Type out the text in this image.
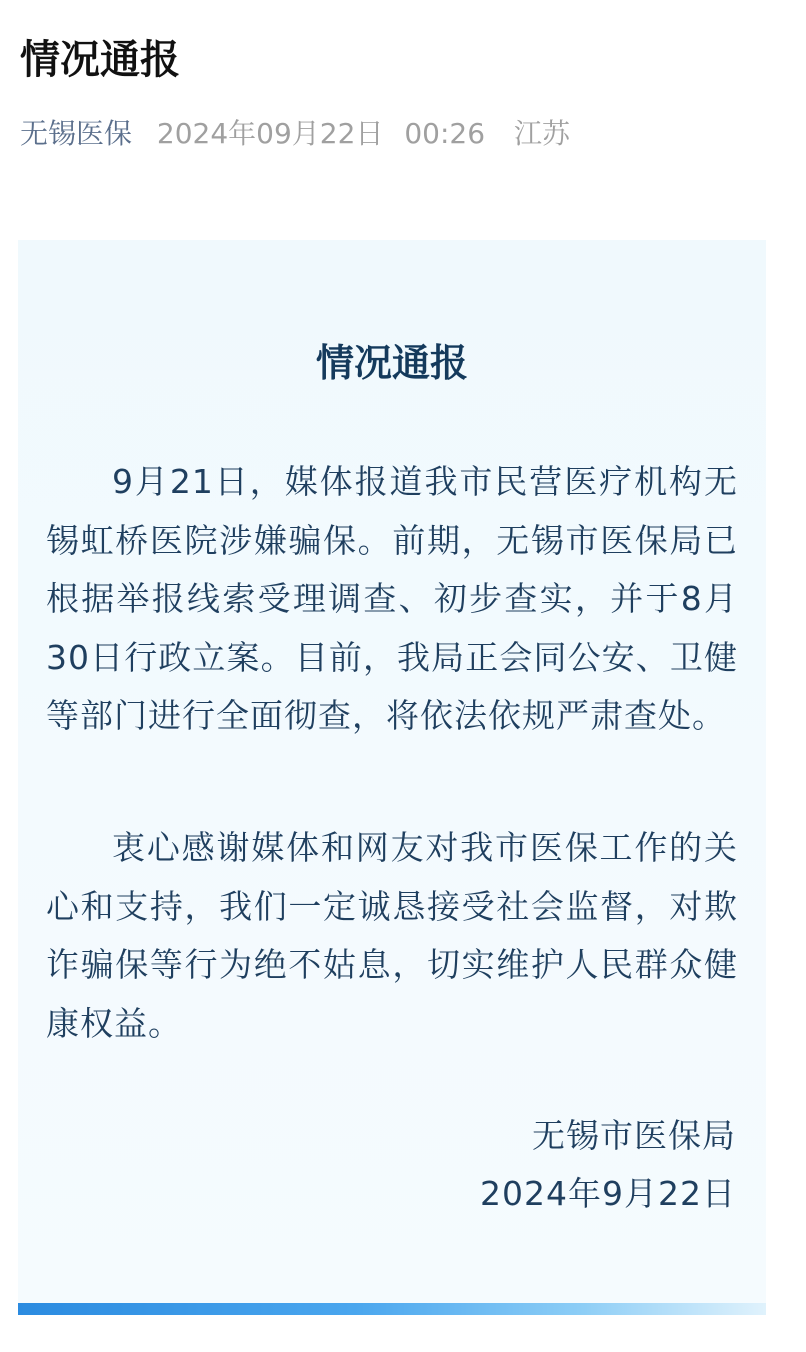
情况通报
无锡医保 2024年09月22日 00:26 江苏
情况通报

9月21日，媒体报道我市民营医疗机构无锡虹桥医院涉嫌骗保。前期，无锡市医保局已根据举报线索受理调查、初步查实，并于8月30日行政立案。目前，我局正会同公安、卫健等部门进行全面彻查，将依法依规严肃查处。

衷心感谢媒体和网友对我市医保工作的关心和支持，我们一定诚恳接受社会监督，对欺诈骗保等行为绝不姑息，切实维护人民群众健康权益。

无锡市医保局
2024年9月22日
